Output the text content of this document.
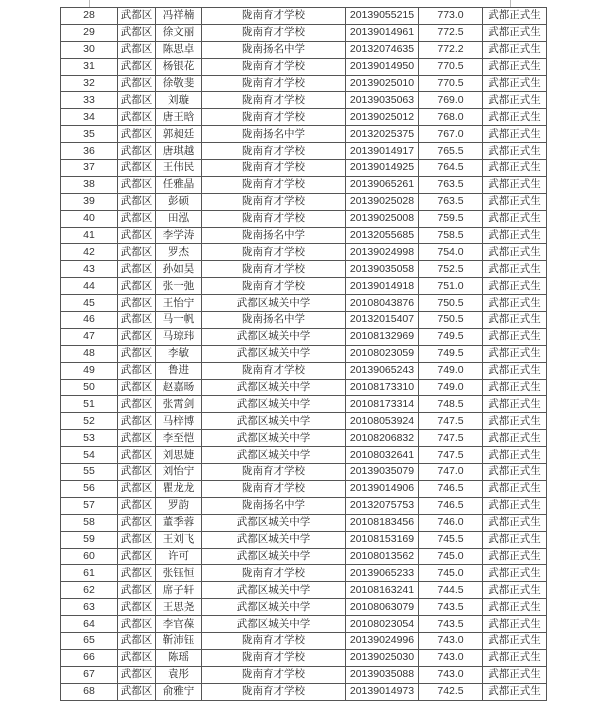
28	武都区	冯祥楠	陇南育才学校	20139055215	773.0	武都正式生
29	武都区	徐文丽	陇南育才学校	20139014961	772.5	武都正式生
30	武都区	陈思卓	陇南扬名中学	20132074635	772.2	武都正式生
31	武都区	杨银花	陇南育才学校	20139014950	770.5	武都正式生
32	武都区	徐敬斐	陇南育才学校	20139025010	770.5	武都正式生
33	武都区	刘璇	陇南育才学校	20139035063	769.0	武都正式生
34	武都区	唐王晗	陇南育才学校	20139025012	768.0	武都正式生
35	武都区	郭昶廷	陇南扬名中学	20132025375	767.0	武都正式生
36	武都区	唐琪越	陇南育才学校	20139014917	765.5	武都正式生
37	武都区	王伟民	陇南育才学校	20139014925	764.5	武都正式生
38	武都区	任雅晶	陇南育才学校	20139065261	763.5	武都正式生
39	武都区	彭硕	陇南育才学校	20139025028	763.5	武都正式生
40	武都区	田泓	陇南育才学校	20139025008	759.5	武都正式生
41	武都区	李学涛	陇南扬名中学	20132055685	758.5	武都正式生
42	武都区	罗杰	陇南育才学校	20139024998	754.0	武都正式生
43	武都区	孙如昊	陇南育才学校	20139035058	752.5	武都正式生
44	武都区	张一弛	陇南育才学校	20139014918	751.0	武都正式生
45	武都区	王怡宁	武都区城关中学	20108043876	750.5	武都正式生
46	武都区	马一帆	陇南扬名中学	20132015407	750.5	武都正式生
47	武都区	马琼玮	武都区城关中学	20108132969	749.5	武都正式生
48	武都区	李敏	武都区城关中学	20108023059	749.5	武都正式生
49	武都区	鲁进	陇南育才学校	20139065243	749.0	武都正式生
50	武都区	赵嘉旸	武都区城关中学	20108173310	749.0	武都正式生
51	武都区	张霄剑	武都区城关中学	20108173314	748.5	武都正式生
52	武都区	马梓博	武都区城关中学	20108053924	747.5	武都正式生
53	武都区	李至恺	武都区城关中学	20108206832	747.5	武都正式生
54	武都区	刘思婕	武都区城关中学	20108032641	747.5	武都正式生
55	武都区	刘怡宁	陇南育才学校	20139035079	747.0	武都正式生
56	武都区	瞿龙龙	陇南育才学校	20139014906	746.5	武都正式生
57	武都区	罗韵	陇南扬名中学	20132075753	746.5	武都正式生
58	武都区	董季蓉	武都区城关中学	20108183456	746.0	武都正式生
59	武都区	王刘飞	武都区城关中学	20108153169	745.5	武都正式生
60	武都区	许可	武都区城关中学	20108013562	745.0	武都正式生
61	武都区	张钰恒	陇南育才学校	20139065233	745.0	武都正式生
62	武都区	席子轩	武都区城关中学	20108163241	744.5	武都正式生
63	武都区	王思尧	武都区城关中学	20108063079	743.5	武都正式生
64	武都区	李官葆	武都区城关中学	20108023054	743.5	武都正式生
65	武都区	靳沛钰	陇南育才学校	20139024996	743.0	武都正式生
66	武都区	陈瑶	陇南育才学校	20139025030	743.0	武都正式生
67	武都区	袁彤	陇南育才学校	20139035088	743.0	武都正式生
68	武都区	俞雅宁	陇南育才学校	20139014973	742.5	武都正式生
